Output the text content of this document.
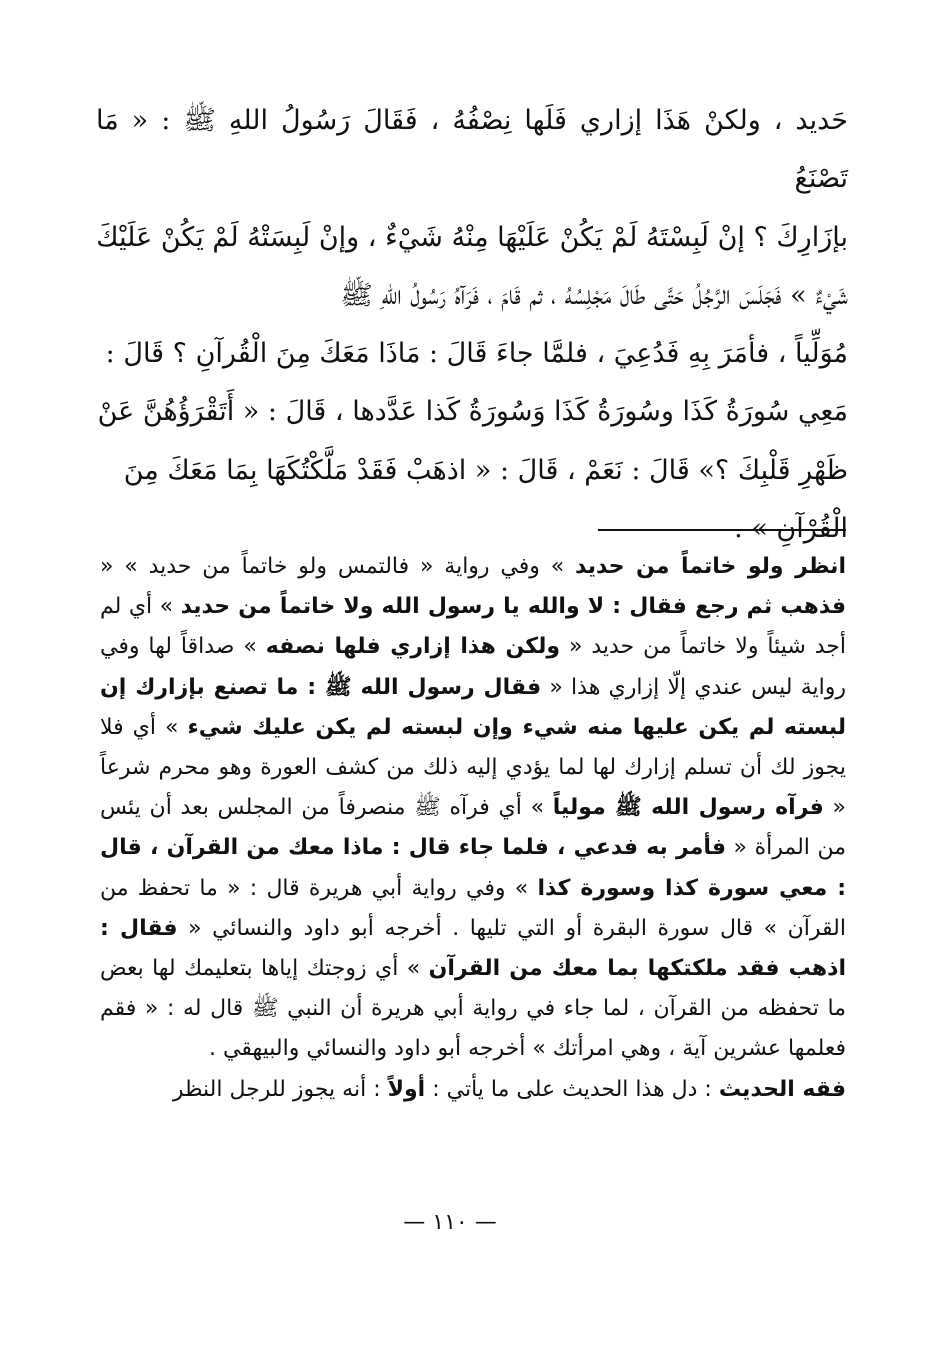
حَديد ، ولكنْ هَذَا إزاري فَلَها نِصْفُهُ ، فَقَالَ رَسُولُ اللهِ ﷺ : « مَا تَصْنَعُ

بإزَارِكَ ؟ إنْ لَبِسْتَهُ لَمْ يَكُنْ عَلَيْهَا مِنْهُ شَيْءٌ ، وإنْ لَبِسَتْهُ لَمْ يَكُنْ عَلَيْكَ

شَيْءٌ » فَجَلَسَ الرَّجُلُ حَتَّى طَالَ مَجْلِسُهُ ، ثم قَامَ ، فَرَآهُ رَسُولُ اللهِ ﷺ

مُوَلِّياً ، فأمَرَ بِهِ فَدُعِيَ ، فلمَّا جاءَ قَالَ : مَاذَا مَعَكَ مِنَ الْقُرآنِ ؟ قَالَ :

مَعِي سُورَةُ كَذَا وسُورَةُ كَذَا وَسُورَةُ كَذا عَدَّدها ، قَالَ : « أَتَقْرَؤُهُنَّ عَنْ

ظَهْرِ قَلْبِكَ ؟» قَالَ : نَعَمْ ، قَالَ : « اذهَبْ فَقَدْ مَلَّكْتُكَهَا بِمَا مَعَكَ مِنَ

الْقُرْآنِ » .

انظر ولو خاتماً من حديد » وفي رواية « فالتمس ولو خاتماً من حديد » « فذهب ثم رجع فقال : لا والله يا رسول الله ولا خاتماً من حديد » أي لم أجد شيئاً ولا خاتماً من حديد « ولكن هذا إزاري فلها نصفه » صداقاً لها وفي رواية ليس عندي إلّا إزاري هذا « فقال رسول الله ﷺ : ما تصنع بإزارك إن لبسته لم يكن عليها منه شيء وإن لبسته لم يكن عليك شيء » أي فلا يجوز لك أن تسلم إزارك لها لما يؤدي إليه ذلك من كشف العورة وهو محرم شرعاً « فرآه رسول الله ﷺ مولياً » أي فرآه ﷺ منصرفاً من المجلس بعد أن يئس من المرأة « فأمر به فدعي ، فلما جاء قال : ماذا معك من القرآن ، قال : معي سورة كذا وسورة كذا » وفي رواية أبي هريرة قال : « ما تحفظ من القرآن » قال سورة البقرة أو التي تليها . أخرجه أبو داود والنسائي « فقال : اذهب فقد ملكتكها بما معك من القرآن » أي زوجتك إياها بتعليمك لها بعض ما تحفظه من القرآن ، لما جاء في رواية أبي هريرة أن النبي ﷺ قال له : « فقم فعلمها عشرين آية ، وهي امرأتك » أخرجه أبو داود والنسائي والبيهقي .

فقه الحديث : دل هذا الحديث على ما يأتي : أولاً : أنه يجوز للرجل النظر

— ١١٠ —
